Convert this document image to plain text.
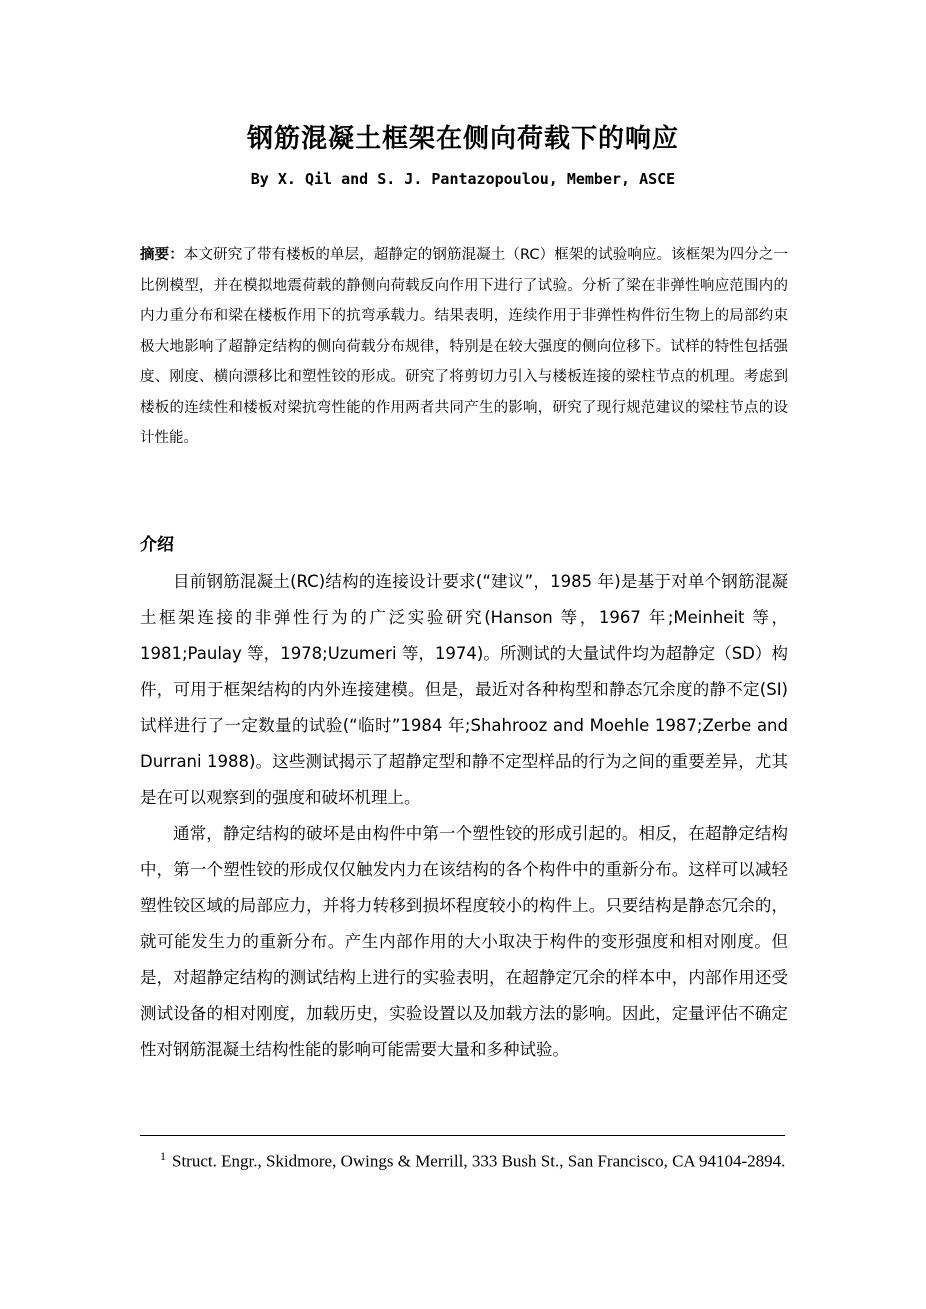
钢筋混凝土框架在侧向荷载下的响应
By X. Qil and S. J. Pantazopoulou, Member, ASCE
摘要：本文研究了带有楼板的单层，超静定的钢筋混凝土（RC）框架的试验响应。该框架为四分之一比例模型，并在模拟地震荷载的静侧向荷载反向作用下进行了试验。分析了梁在非弹性响应范围内的内力重分布和梁在楼板作用下的抗弯承载力。结果表明，连续作用于非弹性构件衍生物上的局部约束极大地影响了超静定结构的侧向荷载分布规律，特别是在较大强度的侧向位移下。试样的特性包括强度、刚度、横向漂移比和塑性铰的形成。研究了将剪切力引入与楼板连接的梁柱节点的机理。考虑到楼板的连续性和楼板对梁抗弯性能的作用两者共同产生的影响，研究了现行规范建议的梁柱节点的设计性能。
介绍

目前钢筋混凝土(RC)结构的连接设计要求(“建议”，1985 年)是基于对单个钢筋混凝土框架连接的非弹性行为的广泛实验研究(Hanson 等，1967 年;Meinheit 等，1981;Paulay 等，1978;Uzumeri 等，1974)。所测试的大量试件均为超静定（SD）构件，可用于框架结构的内外连接建模。但是，最近对各种构型和静态冗余度的静不定(SI)试样进行了一定数量的试验(“临时”1984 年;Shahrooz and Moehle 1987;Zerbe and Durrani 1988)。这些测试揭示了超静定型和静不定型样品的行为之间的重要差异，尤其是在可以观察到的强度和破坏机理上。

通常，静定结构的破坏是由构件中第一个塑性铰的形成引起的。相反，在超静定结构中，第一个塑性铰的形成仅仅触发内力在该结构的各个构件中的重新分布。这样可以减轻塑性铰区域的局部应力，并将力转移到损坏程度较小的构件上。只要结构是静态冗余的，就可能发生力的重新分布。产生内部作用的大小取决于构件的变形强度和相对刚度。但是，对超静定结构的测试结构上进行的实验表明，在超静定冗余的样本中，内部作用还受测试设备的相对刚度，加载历史，实验设置以及加载方法的影响。因此，定量评估不确定性对钢筋混凝土结构性能的影响可能需要大量和多种试验。

$^1$ Struct. Engr., Skidmore, Owings & Merrill, 333 Bush St., San Francisco, CA 94104-2894.
